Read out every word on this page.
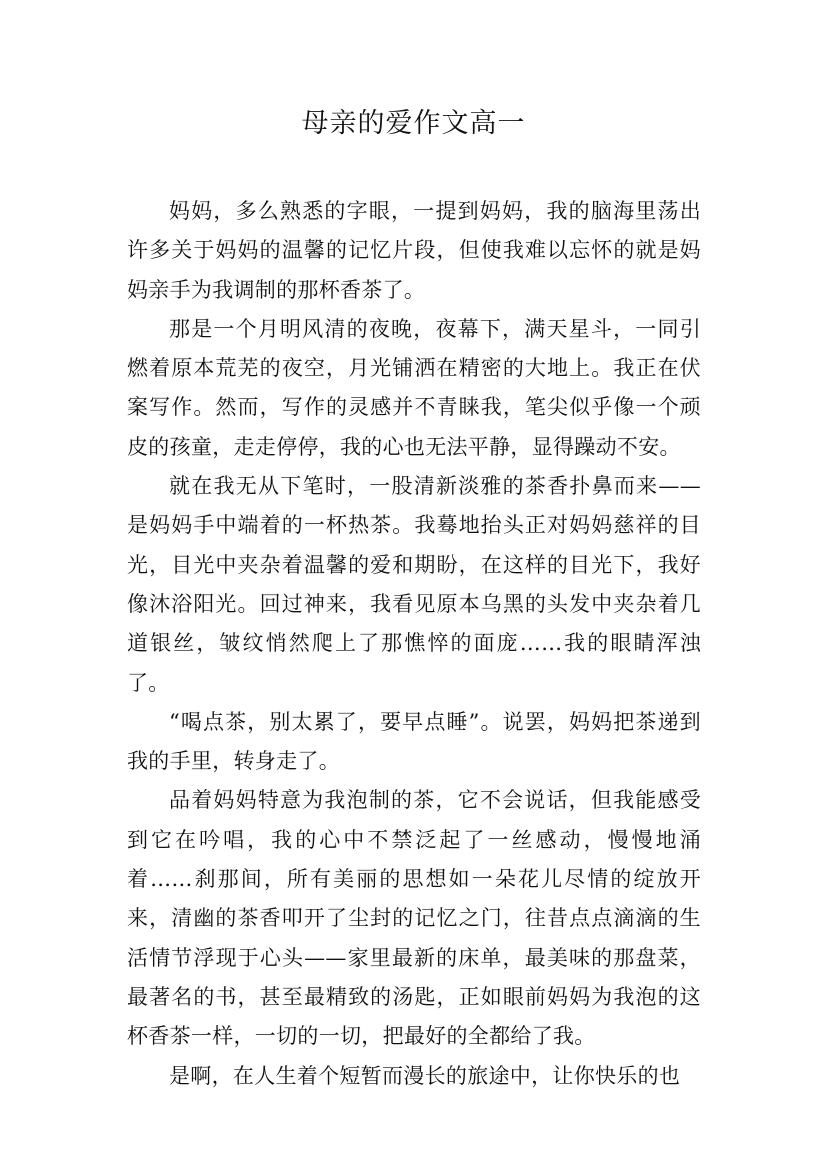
母亲的爱作文高一

妈妈，多么熟悉的字眼，一提到妈妈，我的脑海里荡出许多关于妈妈的温馨的记忆片段，但使我难以忘怀的就是妈妈亲手为我调制的那杯香茶了。

那是一个月明风清的夜晚，夜幕下，满天星斗，一同引燃着原本荒芜的夜空，月光铺洒在精密的大地上。我正在伏案写作。然而，写作的灵感并不青睐我，笔尖似乎像一个顽皮的孩童，走走停停，我的心也无法平静，显得躁动不安。

就在我无从下笔时，一股清新淡雅的茶香扑鼻而来——是妈妈手中端着的一杯热茶。我蓦地抬头正对妈妈慈祥的目光，目光中夹杂着温馨的爱和期盼，在这样的目光下，我好像沐浴阳光。回过神来，我看见原本乌黑的头发中夹杂着几道银丝，皱纹悄然爬上了那憔悴的面庞……我的眼睛浑浊了。

“喝点茶，别太累了，要早点睡”。说罢，妈妈把茶递到我的手里，转身走了。

品着妈妈特意为我泡制的茶，它不会说话，但我能感受到它在吟唱，我的心中不禁泛起了一丝感动，慢慢地涌着……刹那间，所有美丽的思想如一朵花儿尽情的绽放开来，清幽的茶香叩开了尘封的记忆之门，往昔点点滴滴的生活情节浮现于心头——家里最新的床单，最美味的那盘菜，最著名的书，甚至最精致的汤匙，正如眼前妈妈为我泡的这杯香茶一样，一切的一切，把最好的全都给了我。

是啊，在人生着个短暂而漫长的旅途中，让你快乐的也
